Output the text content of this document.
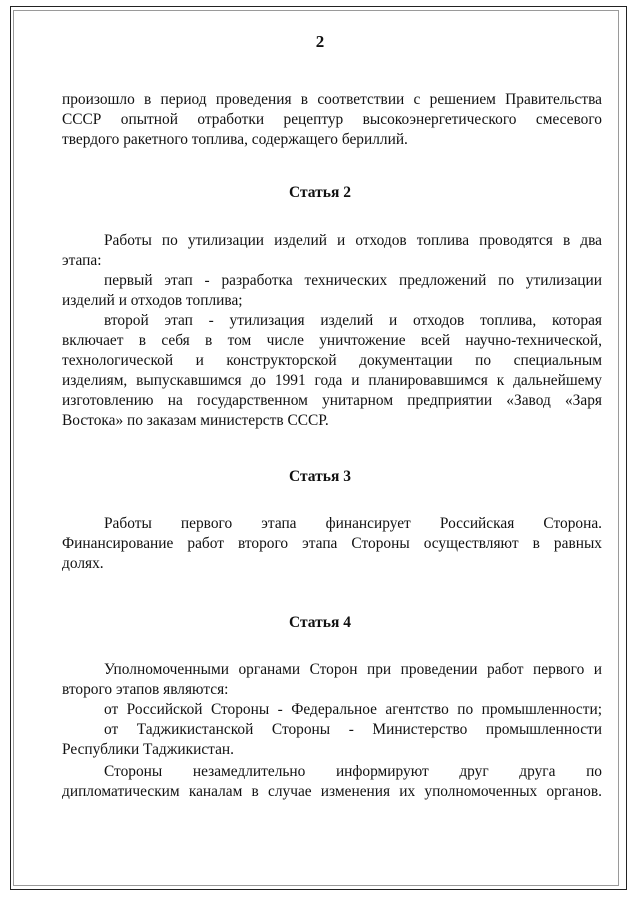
2
произошло в период проведения в соответствии с решением Правительства
СССР опытной отработки рецептур высокоэнергетического смесевого
твердого ракетного топлива, содержащего бериллий.
Статья 2
Работы по утилизации изделий и отходов топлива проводятся в два
этапа:
первый этап - разработка технических предложений по утилизации
изделий и отходов топлива;
второй этап - утилизация изделий и отходов топлива, которая
включает в себя в том числе уничтожение всей научно-технической,
технологической и конструкторской документации по специальным
изделиям, выпускавшимся до 1991 года и планировавшимся к дальнейшему
изготовлению на государственном унитарном предприятии «Завод «Заря
Востока» по заказам министерств СССР.
Статья 3
Работы первого этапа финансирует Российская Сторона.
Финансирование работ второго этапа Стороны осуществляют в равных
долях.
Статья 4
Уполномоченными органами Сторон при проведении работ первого и
второго этапов являются:
от Российской Стороны - Федеральное агентство по промышленности;
от Таджикистанской Стороны - Министерство промышленности
Республики Таджикистан.
Стороны незамедлительно информируют друг друга по
дипломатическим каналам в случае изменения их уполномоченных органов.
